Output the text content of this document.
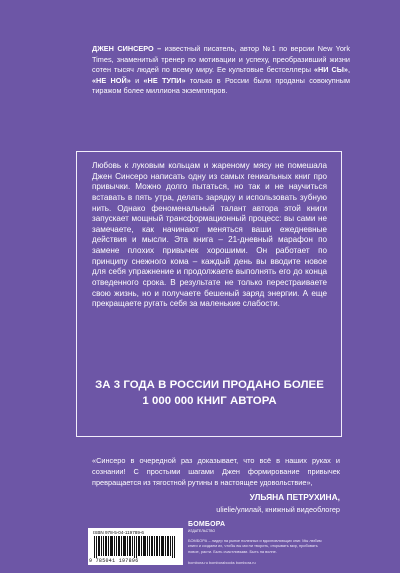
ДЖЕН СИНСЕРО – известный писатель, автор №1 по версии New York Times, знаменитый тренер по мотивации и успеху, преобразивший жизни сотен тысяч людей по всему миру. Ее культовые бестселлеры «НИ СЫ», «НЕ НОЙ» и «НЕ ТУПИ» только в России были проданы совокупным тиражом более миллиона экземпляров.
Любовь к луковым кольцам и жареному мясу не помешала Джен Синсеро написать одну из самых гениальных книг про привычки. Можно долго пытаться, но так и не научиться вставать в пять утра, делать зарядку и использовать зубную нить. Однако феноменальный талант автора этой книги запускает мощный трансформационный процесс: вы сами не замечаете, как начинают меняться ваши ежедневные действия и мысли. Эта книга – 21-дневный марафон по замене плохих привычек хорошими. Он работает по принципу снежного кома – каждый день вы вводите новое для себя упражнение и продолжаете выполнять его до конца отведенного срока. В результате не только перестраиваете свою жизнь, но и получаете бешеный заряд энергии. А еще прекращаете ругать себя за маленькие слабости.
ЗА 3 ГОДА В РОССИИ ПРОДАНО БОЛЕЕ 1 000 000 КНИГ АВТОРА
«Синсеро в очередной раз доказывает, что всё в наших руках и сознании! С простыми шагами Джен формирование привычек превращается из тягостной рутины в настоящее удовольствие»,
УЛЬЯНА ПЕТРУХИНА,
ulielie/улилай, книжный видеоблогер
ISBN 978-5-04-119789-6
9 785041 197896
БОМБОРА
ИЗДАТЕЛЬСТВО
БОМБОРА – лидер на рынке полезных и вдохновляющих книг. Мы любим книги и создаем их, чтобы вы могли творить, открывать мир, пробовать новое, расти. Быть счастливыми. Быть на волне.
bombora.ru bomborabooks bombora.ru
